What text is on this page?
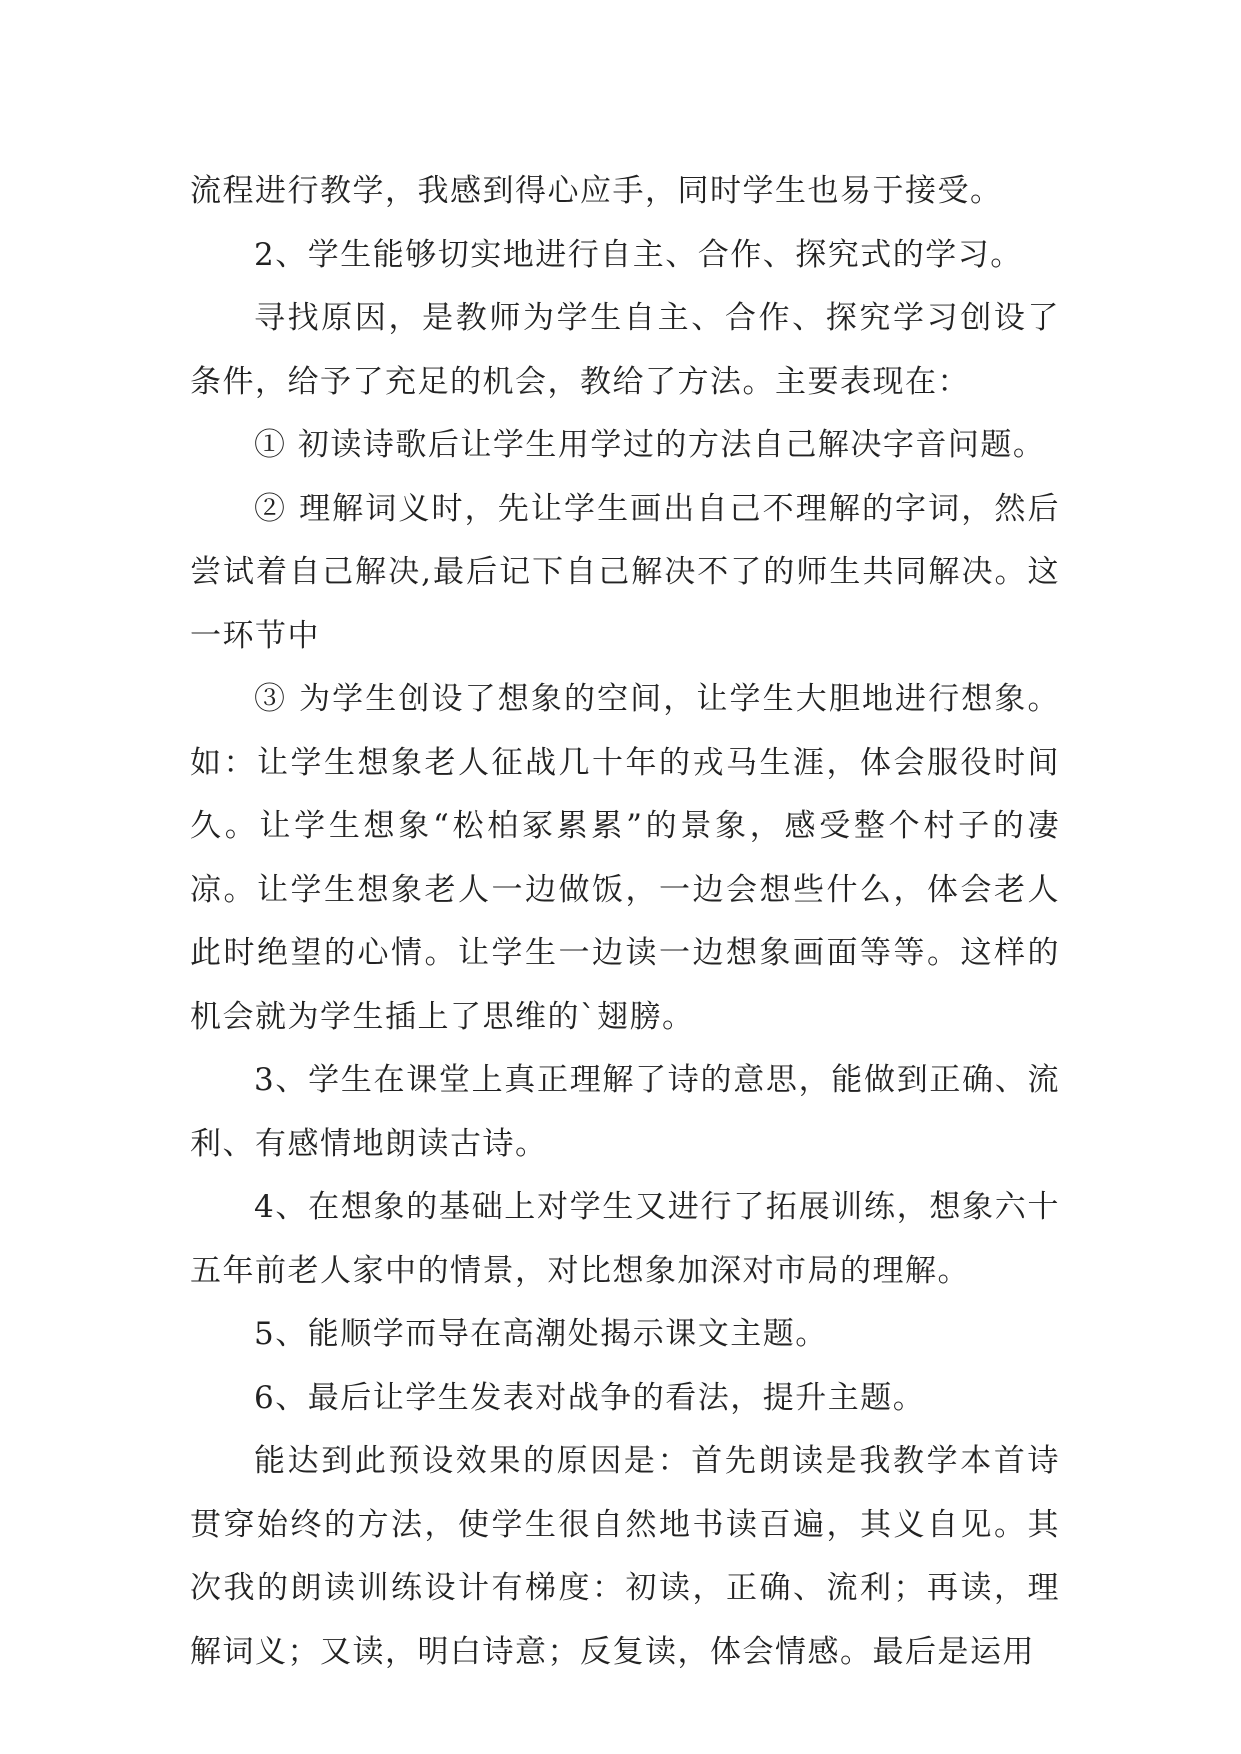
流程进行教学，我感到得心应手，同时学生也易于接受。

2、学生能够切实地进行自主、合作、探究式的学习。

寻找原因，是教师为学生自主、合作、探究学习创设了条件，给予了充足的机会，教给了方法。主要表现在：

① 初读诗歌后让学生用学过的方法自己解决字音问题。

② 理解词义时，先让学生画出自己不理解的字词，然后尝试着自己解决,最后记下自己解决不了的师生共同解决。这一环节中

③ 为学生创设了想象的空间，让学生大胆地进行想象。如：让学生想象老人征战几十年的戎马生涯，体会服役时间久。让学生想象“松柏冢累累”的景象，感受整个村子的凄凉。让学生想象老人一边做饭，一边会想些什么，体会老人此时绝望的心情。让学生一边读一边想象画面等等。这样的机会就为学生插上了思维的`翅膀。

3、学生在课堂上真正理解了诗的意思，能做到正确、流利、有感情地朗读古诗。

4、在想象的基础上对学生又进行了拓展训练，想象六十五年前老人家中的情景，对比想象加深对市局的理解。

5、能顺学而导在高潮处揭示课文主题。

6、最后让学生发表对战争的看法，提升主题。

能达到此预设效果的原因是：首先朗读是我教学本首诗贯穿始终的方法，使学生很自然地书读百遍，其义自见。其次我的朗读训练设计有梯度：初读，正确、流利；再读，理解词义；又读，明白诗意；反复读，体会情感。最后是运用
